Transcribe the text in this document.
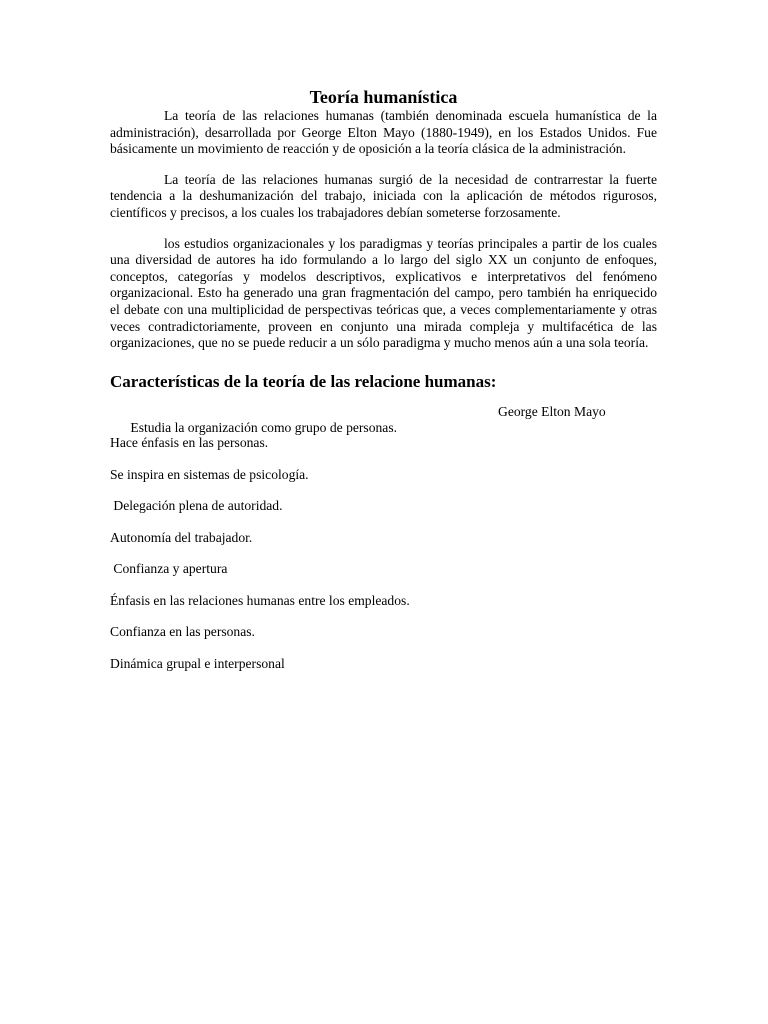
Teoría humanística

La teoría de las relaciones humanas (también denominada escuela humanística de la administración), desarrollada por George Elton Mayo (1880-1949), en los Estados Unidos. Fue básicamente un movimiento de reacción y de oposición a la teoría clásica de la administración.

La teoría de las relaciones humanas surgió de la necesidad de contrarrestar la fuerte tendencia a la deshumanización del trabajo, iniciada con la aplicación de métodos rigurosos, científicos y precisos, a los cuales los trabajadores debían someterse forzosamente.

los estudios organizacionales y los paradigmas y teorías principales a partir de los cuales una diversidad de autores ha ido formulando a lo largo del siglo XX un conjunto de enfoques, conceptos, categorías y modelos descriptivos, explicativos e interpretativos del fenómeno organizacional. Esto ha generado una gran fragmentación del campo, pero también ha enriquecido el debate con una multiplicidad de perspectivas teóricas que, a veces complementariamente y otras veces contradictoriamente, proveen en conjunto una mirada compleja y multifacética de las organizaciones, que no se puede reducir a un sólo paradigma y mucho menos aún a una sola teoría.

Características de la teoría de las relacione humanas:

Estudia la organización como grupo de personas.

George Elton Mayo

Hace énfasis en las personas.
Se inspira en sistemas de psicología.
Delegación plena de autoridad.
Autonomía del trabajador.
Confianza y apertura
Énfasis en las relaciones humanas entre los empleados.
Confianza en las personas.
Dinámica grupal e interpersonal
